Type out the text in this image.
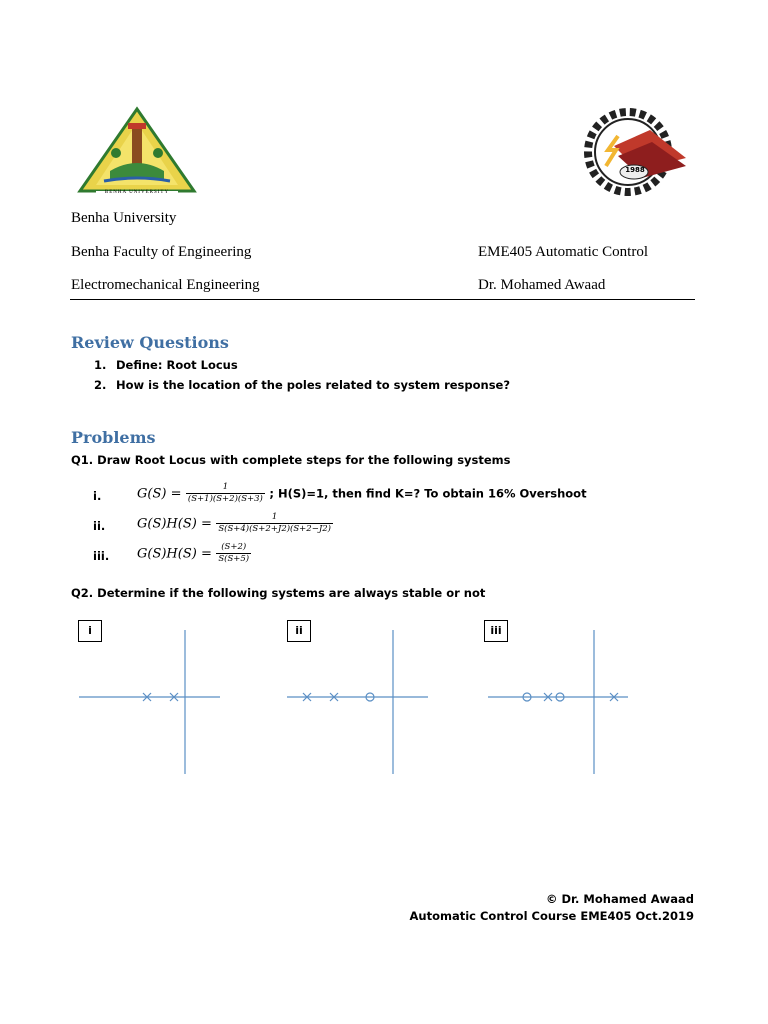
BENHA UNIVERSITY
1988
Benha University
Benha Faculty of Engineering	EME405 Automatic Control
Electromechanical Engineering	Dr. Mohamed Awaad
Review Questions
1. Define: Root Locus
2. How is the location of the poles related to system response?
Problems
Q1. Draw Root Locus with complete steps for the following systems
i.	$G(S) = \frac{1}{(S+1)(S+2)(S+3)}$ ; H(S)=1, then find K=? To obtain 16% Overshoot
ii. $G(S)H(S) = \frac{1}{S(S+4)(S+2+J2)(S+2-J2)}$
iii. $G(S)H(S) = \frac{(S+2)}{S(S+5)}$
Q2. Determine if the following systems are always stable or not
i	ii	iii
© Dr. Mohamed Awaad
Automatic Control Course EME405 Oct.2019
